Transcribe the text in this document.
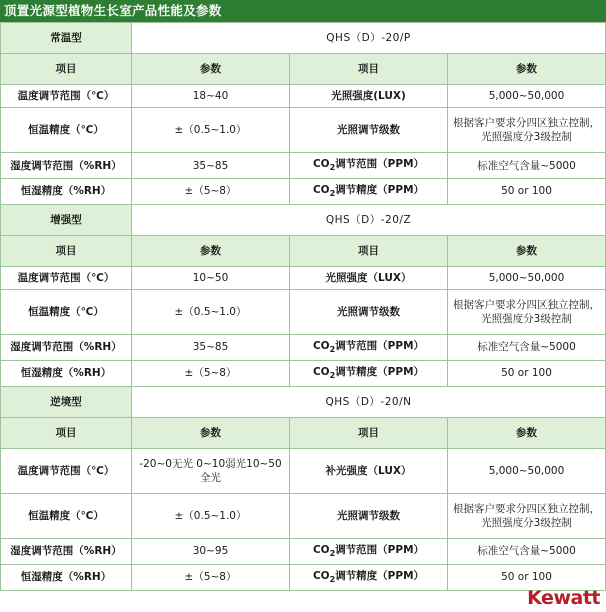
顶置光源型植物生长室产品性能及参数
常温型	QHS（D）-20/P		
项目	参数	项目	参数
温度调节范围（℃）	18~40	光照强度(LUX)	5,000~50,000
恒温精度（℃）	±（0.5~1.0）	光照调节级数	根据客户要求分四区独立控制，光照强度分3级控制
湿度调节范围（%RH）	35~85	$CO_2$调节范围（PPM）	标准空气含量~5000
恒湿精度（%RH）	±（5~8）	$CO_2$调节精度（PPM）	50 or 100
增强型	QHS（D）-20/Z		
项目	参数	项目	参数
温度调节范围（℃）	10~50	光照强度（LUX）	5,000~50,000
恒温精度（℃）	±（0.5~1.0）	光照调节级数	根据客户要求分四区独立控制，光照强度分3级控制
湿度调节范围（%RH）	35~85	$CO_2$调节范围（PPM）	标准空气含量~5000
恒湿精度（%RH）	±（5~8）	$CO_2$调节精度（PPM）	50 or 100
逆境型	QHS（D）-20/N		
项目	参数	项目	参数
温度调节范围（℃）	-20~0无光 0~10弱光10~50全光	补光强度（LUX）	5,000~50,000
恒温精度（℃）	±（0.5~1.0）	光照调节级数	根据客户要求分四区独立控制，光照强度分3级控制
湿度调节范围（%RH）	30~95	$CO_2$调节范围（PPM）	标准空气含量~5000
恒湿精度（%RH）	±（5~8）	$CO_2$调节精度（PPM）	50 or 100
Kewatt
